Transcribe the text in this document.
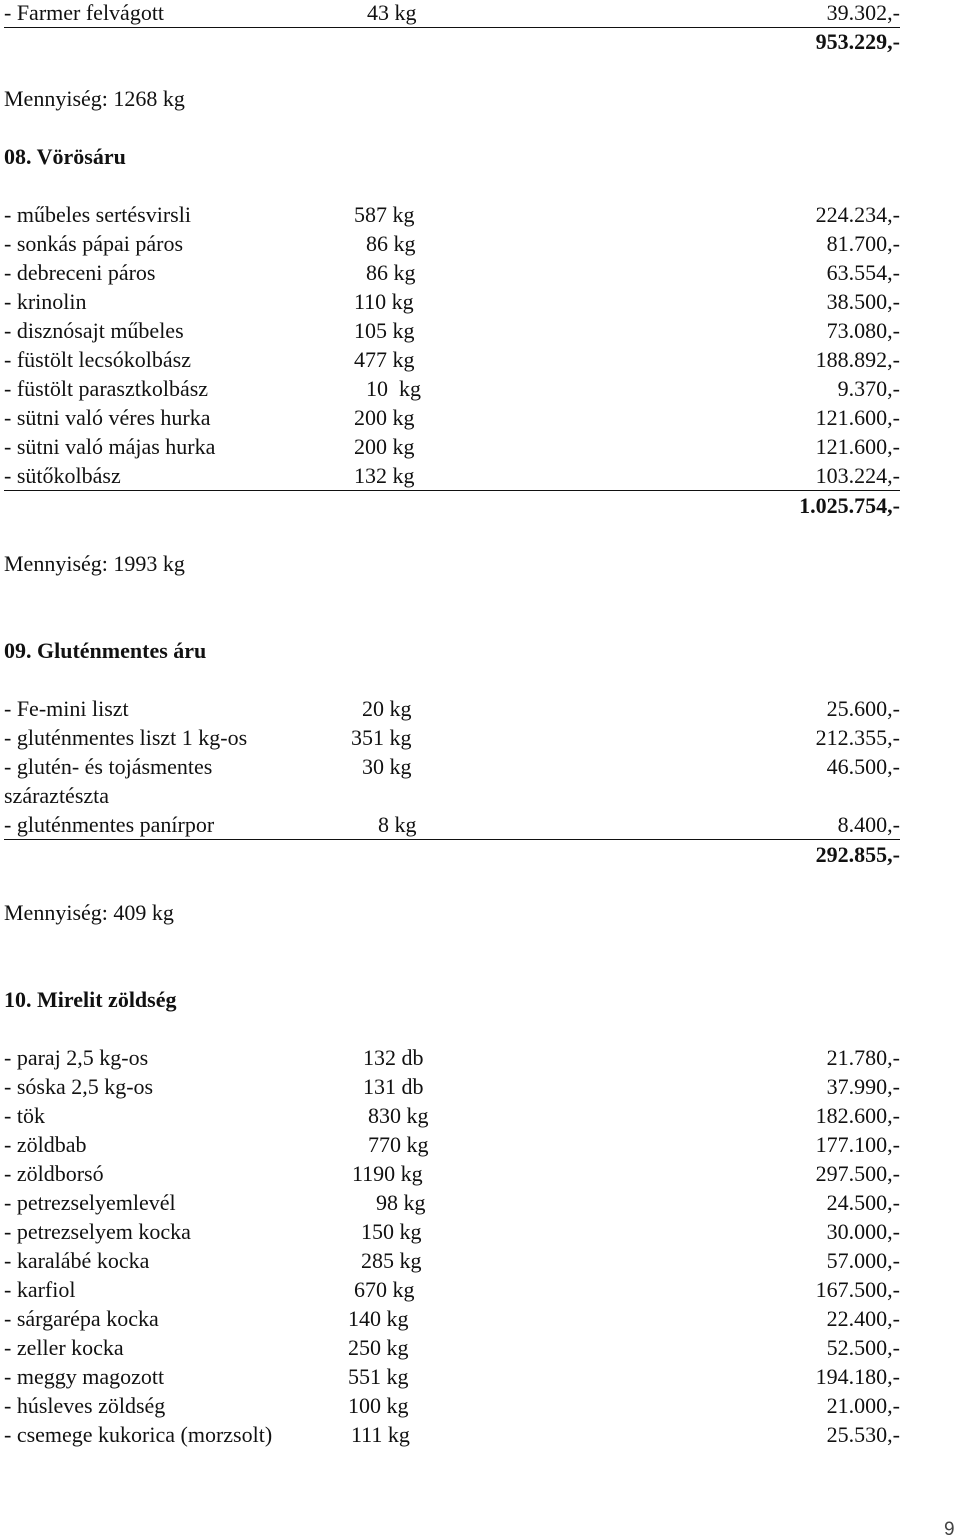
- Farmer felvágott	43 kg	39.302,-
953.229,-
Mennyiség: 1268 kg
08. Vörösáru
- műbeles sertésvirsli	587 kg	224.234,-
- sonkás pápai páros	86 kg	81.700,-
- debreceni páros	86 kg	63.554,-
- krinolin	110 kg	38.500,-
- disznósajt műbeles	105 kg	73.080,-
- füstölt lecsókolbász	477 kg	188.892,-
- füstölt parasztkolbász	10  kg	9.370,-
- sütni való véres hurka	200 kg	121.600,-
- sütni való májas hurka	200 kg	121.600,-
- sütőkolbász	132 kg	103.224,-
1.025.754,-
Mennyiség: 1993 kg
09. Gluténmentes áru
- Fe-mini liszt	20 kg	25.600,-
- gluténmentes liszt 1 kg-os	351 kg	212.355,-
- glutén- és tojásmentes	30 kg	46.500,-
száraztészta
- gluténmentes panírpor	8 kg	8.400,-
292.855,-
Mennyiség: 409 kg
10. Mirelit zöldség
- paraj 2,5 kg-os	132 db	21.780,-
- sóska 2,5 kg-os	131 db	37.990,-
- tök	830 kg	182.600,-
- zöldbab	770 kg	177.100,-
- zöldborsó	1190 kg	297.500,-
- petrezselyemlevél	98 kg	24.500,-
- petrezselyem kocka	150 kg	30.000,-
- karalábé kocka	285 kg	57.000,-
- karfiol	670 kg	167.500,-
- sárgarépa kocka	140 kg	22.400,-
- zeller kocka	250 kg	52.500,-
- meggy magozott	551 kg	194.180,-
- húsleves zöldség	100 kg	21.000,-
- csemege kukorica (morzsolt)	111 kg	25.530,-
9
